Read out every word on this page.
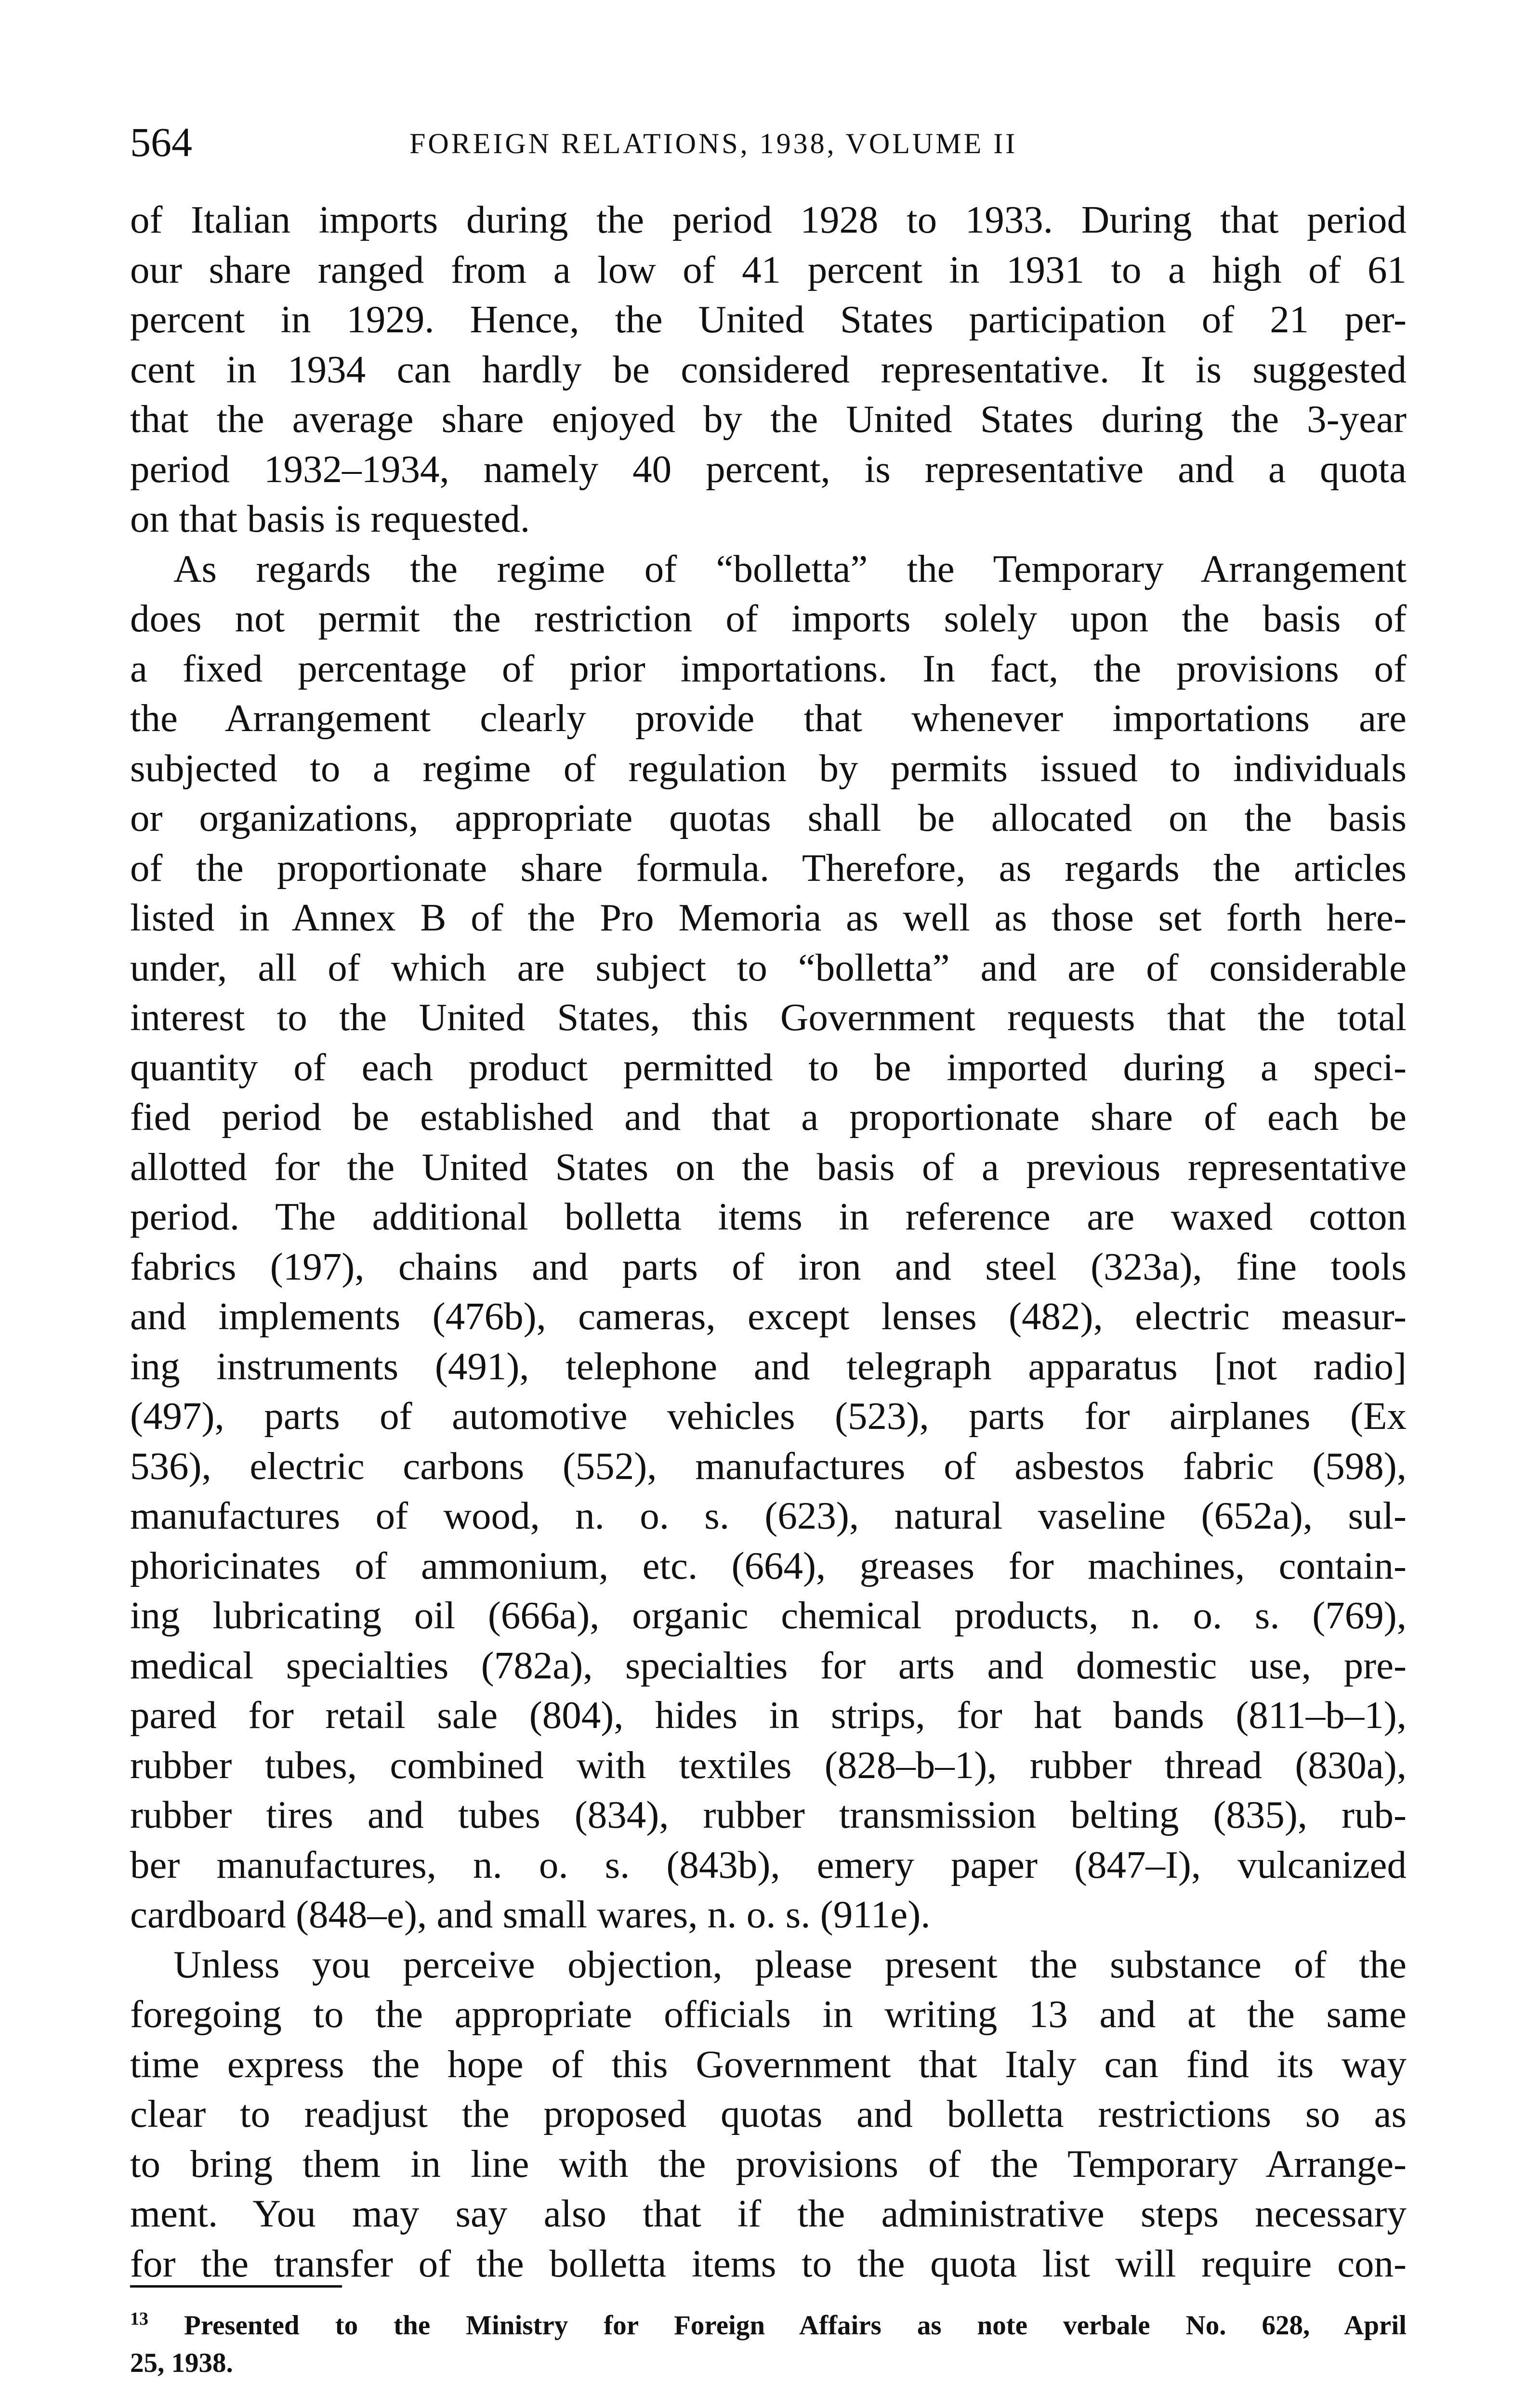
564	FOREIGN RELATIONS, 1938, VOLUME II
of Italian imports during the period 1928 to 1933. During that period
our share ranged from a low of 41 percent in 1931 to a high of 61
percent in 1929. Hence, the United States participation of 21 per-
cent in 1934 can hardly be considered representative. It is suggested
that the average share enjoyed by the United States during the 3-year
period 1932–1934, namely 40 percent, is representative and a quota
on that basis is requested.
As regards the regime of “bolletta” the Temporary Arrangement
does not permit the restriction of imports solely upon the basis of
a fixed percentage of prior importations. In fact, the provisions of
the Arrangement clearly provide that whenever importations are
subjected to a regime of regulation by permits issued to individuals
or organizations, appropriate quotas shall be allocated on the basis
of the proportionate share formula. Therefore, as regards the articles
listed in Annex B of the Pro Memoria as well as those set forth here-
under, all of which are subject to “bolletta” and are of considerable
interest to the United States, this Government requests that the total
quantity of each product permitted to be imported during a speci-
fied period be established and that a proportionate share of each be
allotted for the United States on the basis of a previous representative
period. The additional bolletta items in reference are waxed cotton
fabrics (197), chains and parts of iron and steel (323a), fine tools
and implements (476b), cameras, except lenses (482), electric measur-
ing instruments (491), telephone and telegraph apparatus [not radio]
(497), parts of automotive vehicles (523), parts for airplanes (Ex
536), electric carbons (552), manufactures of asbestos fabric (598),
manufactures of wood, n. o. s. (623), natural vaseline (652a), sul-
phoricinates of ammonium, etc. (664), greases for machines, contain-
ing lubricating oil (666a), organic chemical products, n. o. s. (769),
medical specialties (782a), specialties for arts and domestic use, pre-
pared for retail sale (804), hides in strips, for hat bands (811–b–1),
rubber tubes, combined with textiles (828–b–1), rubber thread (830a),
rubber tires and tubes (834), rubber transmission belting (835), rub-
ber manufactures, n. o. s. (843b), emery paper (847–I), vulcanized
cardboard (848–e), and small wares, n. o. s. (911e).
Unless you perceive objection, please present the substance of the
foregoing to the appropriate officials in writing 13 and at the same
time express the hope of this Government that Italy can find its way
clear to readjust the proposed quotas and bolletta restrictions so as
to bring them in line with the provisions of the Temporary Arrange-
ment. You may say also that if the administrative steps necessary
for the transfer of the bolletta items to the quota list will require con-
$^{13}$ Presented to the Ministry for Foreign Affairs as note verbale No. 628, April
25, 1938.
